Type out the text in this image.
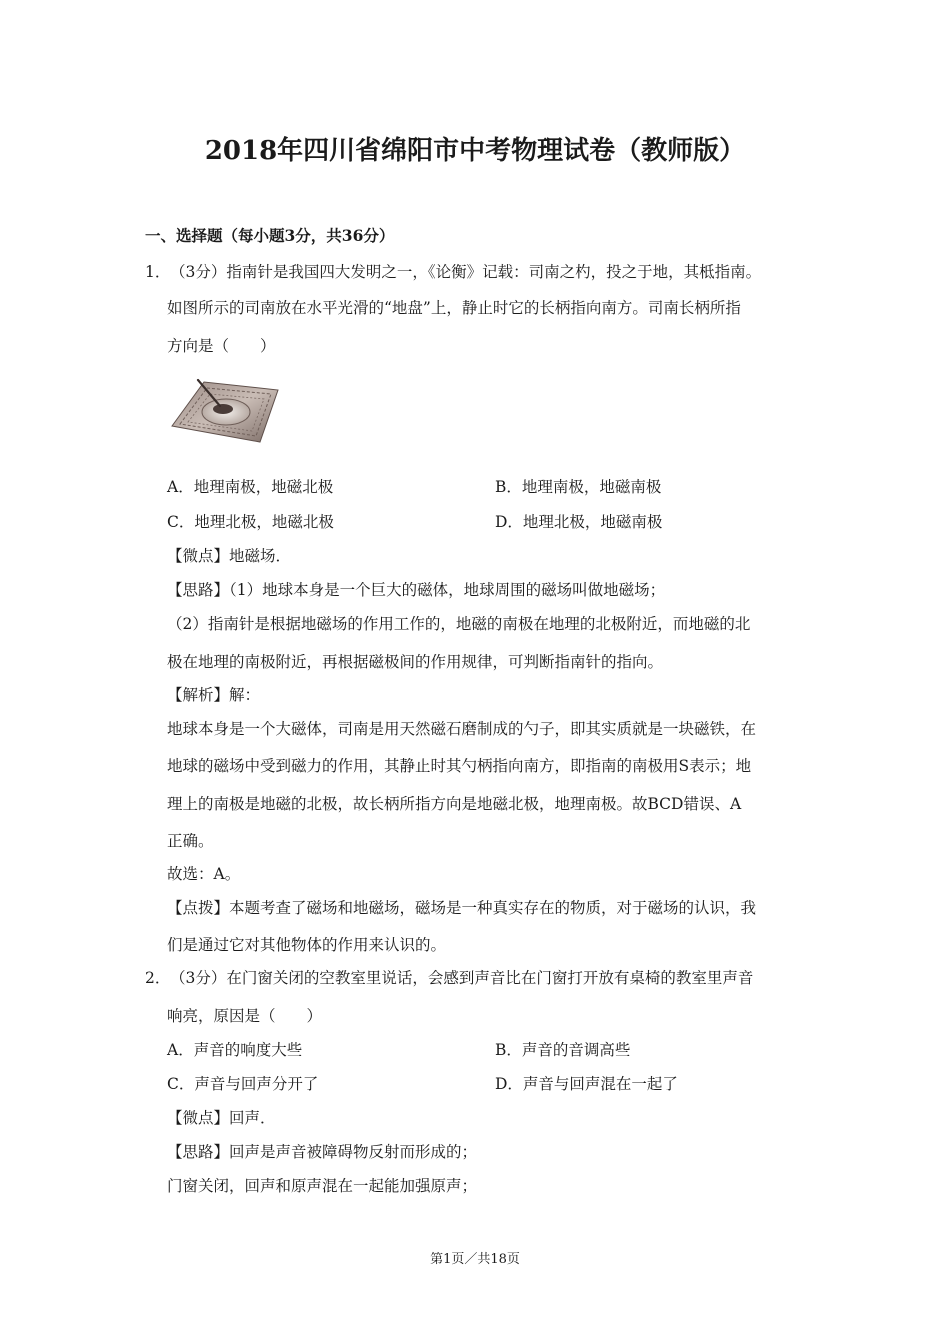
2018年四川省绵阳市中考物理试卷（教师版）
一、选择题（每小题3分，共36分）
1． （3分）指南针是我国四大发明之一，《论衡》记载：司南之杓，投之于地，其柢指南。
如图所示的司南放在水平光滑的“地盘”上，静止时它的长柄指向南方。司南长柄所指
方向是（　　）
A．地理南极，地磁北极	B．地理南极，地磁南极
C．地理北极，地磁北极	D．地理北极，地磁南极
【微点】地磁场．
【思路】（1）地球本身是一个巨大的磁体，地球周围的磁场叫做地磁场；
（2）指南针是根据地磁场的作用工作的，地磁的南极在地理的北极附近，而地磁的北
极在地理的南极附近，再根据磁极间的作用规律，可判断指南针的指向。
【解析】解：
地球本身是一个大磁体，司南是用天然磁石磨制成的勺子，即其实质就是一块磁铁，在
地球的磁场中受到磁力的作用，其静止时其勺柄指向南方，即指南的南极用S表示；地
理上的南极是地磁的北极，故长柄所指方向是地磁北极，地理南极。故BCD错误、A
正确。
故选：A。
【点拨】本题考查了磁场和地磁场，磁场是一种真实存在的物质，对于磁场的认识，我
们是通过它对其他物体的作用来认识的。
2． （3分）在门窗关闭的空教室里说话，会感到声音比在门窗打开放有桌椅的教室里声音
响亮，原因是（　　）
A．声音的响度大些	B．声音的音调高些
C．声音与回声分开了	D．声音与回声混在一起了
【微点】回声．
【思路】回声是声音被障碍物反射而形成的；
门窗关闭，回声和原声混在一起能加强原声；
第1页／共18页
